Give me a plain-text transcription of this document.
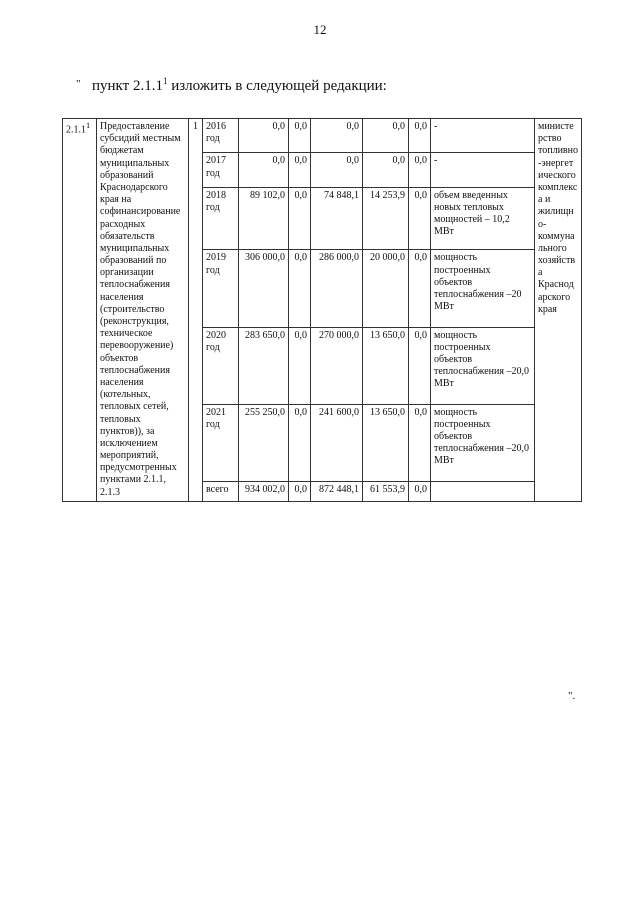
12
" пункт 2.1.1$^1$ изложить в следующей редакции:
2.1.1$^1$	Предоставление субсидий местным бюджетам муниципальных образований Краснодарского края на софинансирование расходных обязательств муниципальных образований по организации теплоснабжения населения (строительство (реконструкция, техническое перевооружение) объектов теплоснабжения населения (котельных, тепловых сетей, тепловых пунктов)), за исключением мероприятий, предусмотренных пунктами 2.1.1, 2.1.3	1	2016 год	0,0	0,0	0,0	0,0	0,0	-	министерство топливно-энергетического комплекса и жилищно-коммунального хозяйства Краснодарского края
			2017 год	0,0	0,0	0,0	0,0	0,0	-	
			2018 год	89 102,0	0,0	74 848,1	14 253,9	0,0	объем введенных новых тепловых мощностей – 10,2 МВт	
			2019 год	306 000,0	0,0	286 000,0	20 000,0	0,0	мощность построенных объектов теплоснабжения –20 МВт	
			2020 год	283 650,0	0,0	270 000,0	13 650,0	0,0	мощность построенных объектов теплоснабжения –20,0 МВт	
			2021 год	255 250,0	0,0	241 600,0	13 650,0	0,0	мощность построенных объектов теплоснабжения –20,0 МВт	
			всего	934 002,0	0,0	872 448,1	61 553,9	0,0		
".
